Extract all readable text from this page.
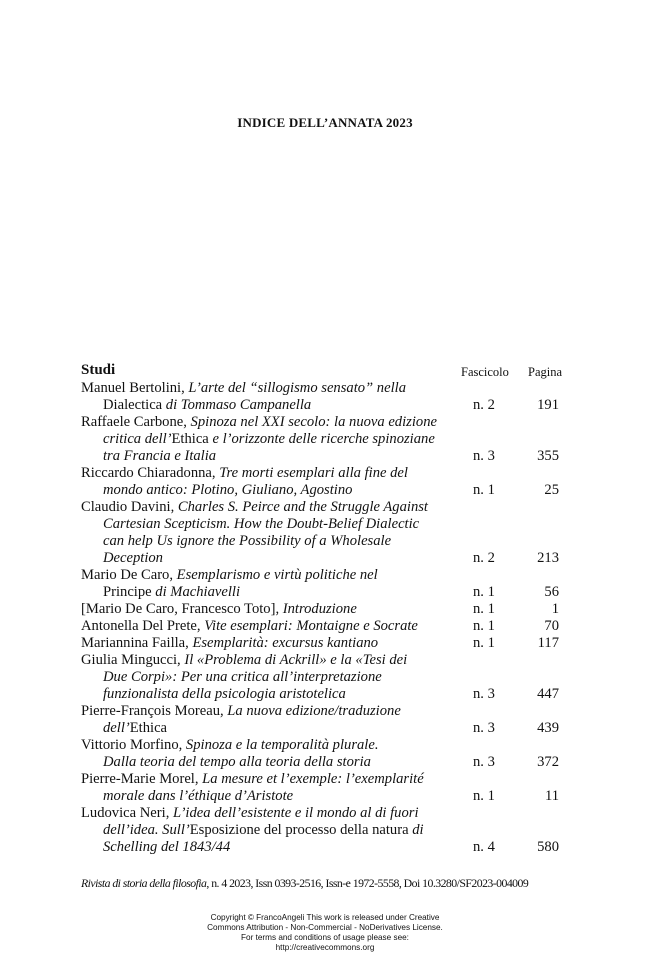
INDICE DELL’ANNATA 2023
Studi	Fascicolo Pagina
Manuel Bertolini, L’arte del “sillogismo sensato” nella
Dialectica di Tommaso Campanella	n. 2	191
Raffaele Carbone, Spinoza nel XXI secolo: la nuova edizione
critica dell’Ethica e l’orizzonte delle ricerche spinoziane
tra Francia e Italia	n. 3	355
Riccardo Chiaradonna, Tre morti esemplari alla fine del
mondo antico: Plotino, Giuliano, Agostino	n. 1	25
Claudio Davini, Charles S. Peirce and the Struggle Against
Cartesian Scepticism. How the Doubt-Belief Dialectic
can help Us ignore the Possibility of a Wholesale
Deception	n. 2	213
Mario De Caro, Esemplarismo e virtù politiche nel
Principe di Machiavelli	n. 1	56
[Mario De Caro, Francesco Toto], Introduzione	n. 1	1
Antonella Del Prete, Vite esemplari: Montaigne e Socrate	n. 1	70
Mariannina Failla, Esemplarità: excursus kantiano	n. 1	117
Giulia Mingucci, Il «Problema di Ackrill» e la «Tesi dei
Due Corpi»: Per una critica all’interpretazione
funzionalista della psicologia aristotelica	n. 3	447
Pierre-François Moreau, La nuova edizione/traduzione
dell’Ethica	n. 3	439
Vittorio Morfino, Spinoza e la temporalità plurale.
Dalla teoria del tempo alla teoria della storia	n. 3	372
Pierre-Marie Morel, La mesure et l’exemple: l’exemplarité
morale dans l’éthique d’Aristote	n. 1	11
Ludovica Neri, L’idea dell’esistente e il mondo al di fuori
dell’idea. Sull’Esposizione del processo della natura di
Schelling del 1843/44	n. 4	580
Rivista di storia della filosofia, n. 4 2023, Issn 0393-2516, Issn-e 1972-5558, Doi 10.3280/SF2023-004009
Copyright © FrancoAngeli This work is released under Creative
Commons Attribution - Non-Commercial - NoDerivatives License.
For terms and conditions of usage please see:
http://creativecommons.org
